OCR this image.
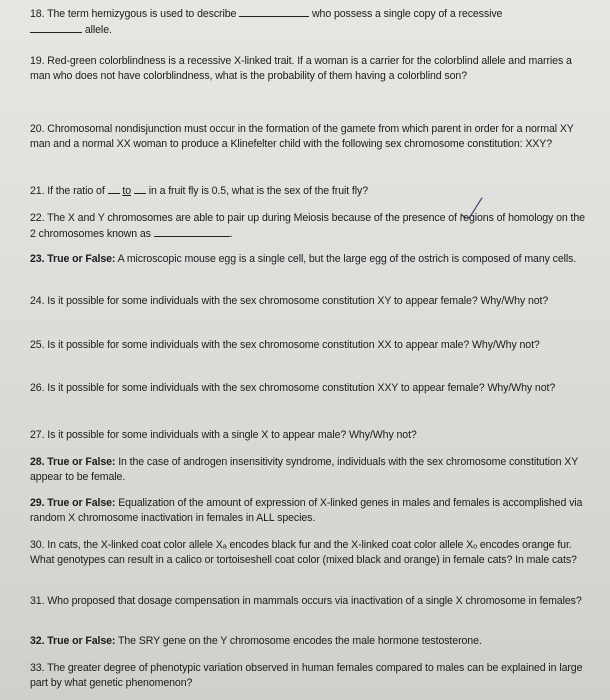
18. The term hemizygous is used to describe	who possess a single copy of a recessive
allele.

19. Red-green colorblindness is a recessive X-linked trait. If a woman is a carrier for the colorblind allele and marries a man who does not have colorblindness, what is the probability of them having a colorblind son?

20. Chromosomal nondisjunction must occur in the formation of the gamete from which parent in order for a normal XY man and a normal XX woman to produce a Klinefelter child with the following sex chromosome constitution: XXY?

21. If the ratio of to in a fruit fly is 0.5, what is the sex of the fruit fly?

22. The X and Y chromosomes are able to pair up during Meiosis because of the presence of regions of homology on the 2 chromosomes known as	.

23. True or False: A microscopic mouse egg is a single cell, but the large egg of the ostrich is composed of many cells.

24. Is it possible for some individuals with the sex chromosome constitution XY to appear female? Why/Why not?

25. Is it possible for some individuals with the sex chromosome constitution XX to appear male? Why/Why not?

26. Is it possible for some individuals with the sex chromosome constitution XXY to appear female? Why/Why not?

27. Is it possible for some individuals with a single X to appear male? Why/Why not?

28. True or False: In the case of androgen insensitivity syndrome, individuals with the sex chromosome constitution XY appear to be female.

29. True or False: Equalization of the amount of expression of X-linked genes in males and females is accomplished via random X chromosome inactivation in females in ALL species.

30. In cats, the X-linked coat color allele Xₐ encodes black fur and the X-linked coat color allele Xₒ encodes orange fur. What genotypes can result in a calico or tortoiseshell coat color (mixed black and orange) in female cats? In male cats?

31. Who proposed that dosage compensation in mammals occurs via inactivation of a single X chromosome in females?

32. True or False: The SRY gene on the Y chromosome encodes the male hormone testosterone.

33. The greater degree of phenotypic variation observed in human females compared to males can be explained in large part by what genetic phenomenon?
